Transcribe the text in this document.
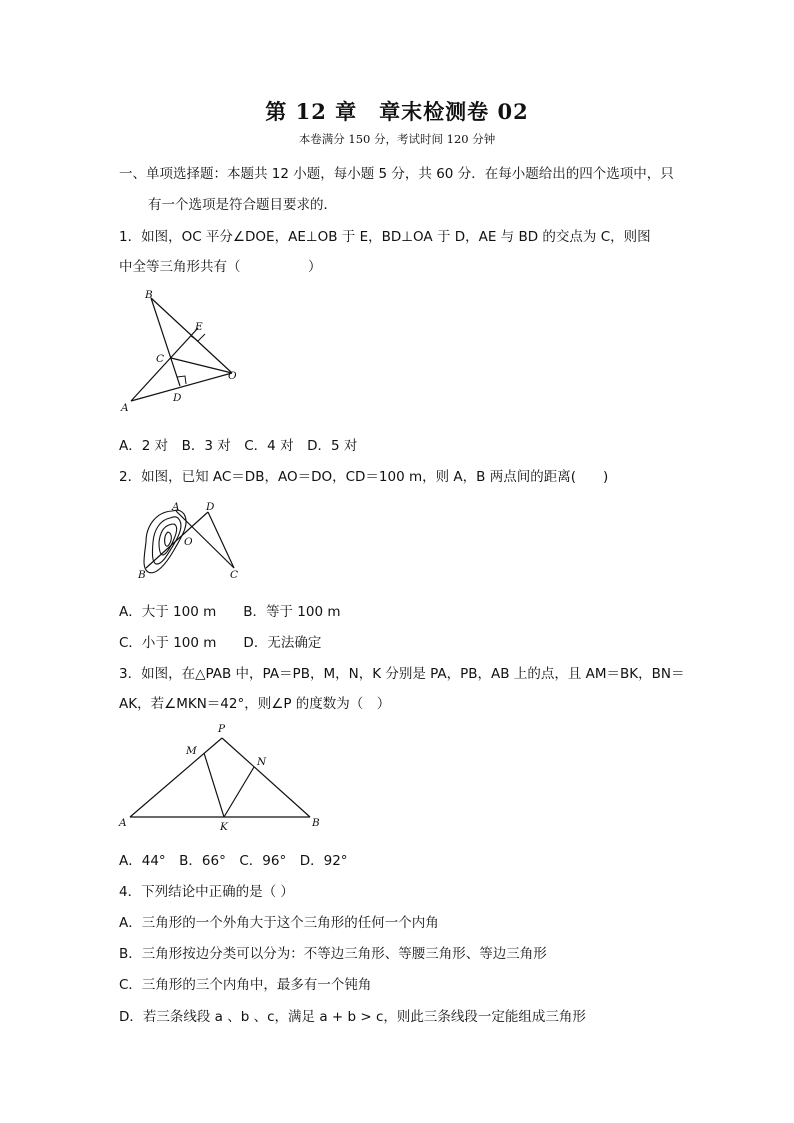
第 12 章　章末检测卷 02
本卷满分 150 分，考试时间 120 分钟
一、单项选择题：本题共 12 小题，每小题 5 分，共 60 分．在每小题给出的四个选项中，只
有一个选项是符合题目要求的．
1．如图，OC 平分∠DOE，AE⊥OB 于 E，BD⊥OA 于 D，AE 与 BD 的交点为 C，则图
中全等三角形共有（　　　　　）
B
E
C
O
A
D
A．2 对　B．3 对　C．4 对　D．5 对
2．如图，已知 AC＝DB，AO＝DO，CD＝100 m，则 A，B 两点间的距离(　　)
A	D
O
B	C
A．大于 100 m　　B．等于 100 m
C．小于 100 m　　D．无法确定
3．如图，在△PAB 中，PA＝PB，M，N，K 分别是 PA，PB，AB 上的点，且 AM＝BK，BN＝
AK，若∠MKN＝42°，则∠P 的度数为（　）
P
M
N
A	K	B
A．44°　B．66°　C．96°　D．92°
4．下列结论中正确的是（ ）
A．三角形的一个外角大于这个三角形的任何一个内角
B．三角形按边分类可以分为：不等边三角形、等腰三角形、等边三角形
C．三角形的三个内角中，最多有一个钝角
D．若三条线段 a 、b 、c，满足 a + b > c，则此三条线段一定能组成三角形
